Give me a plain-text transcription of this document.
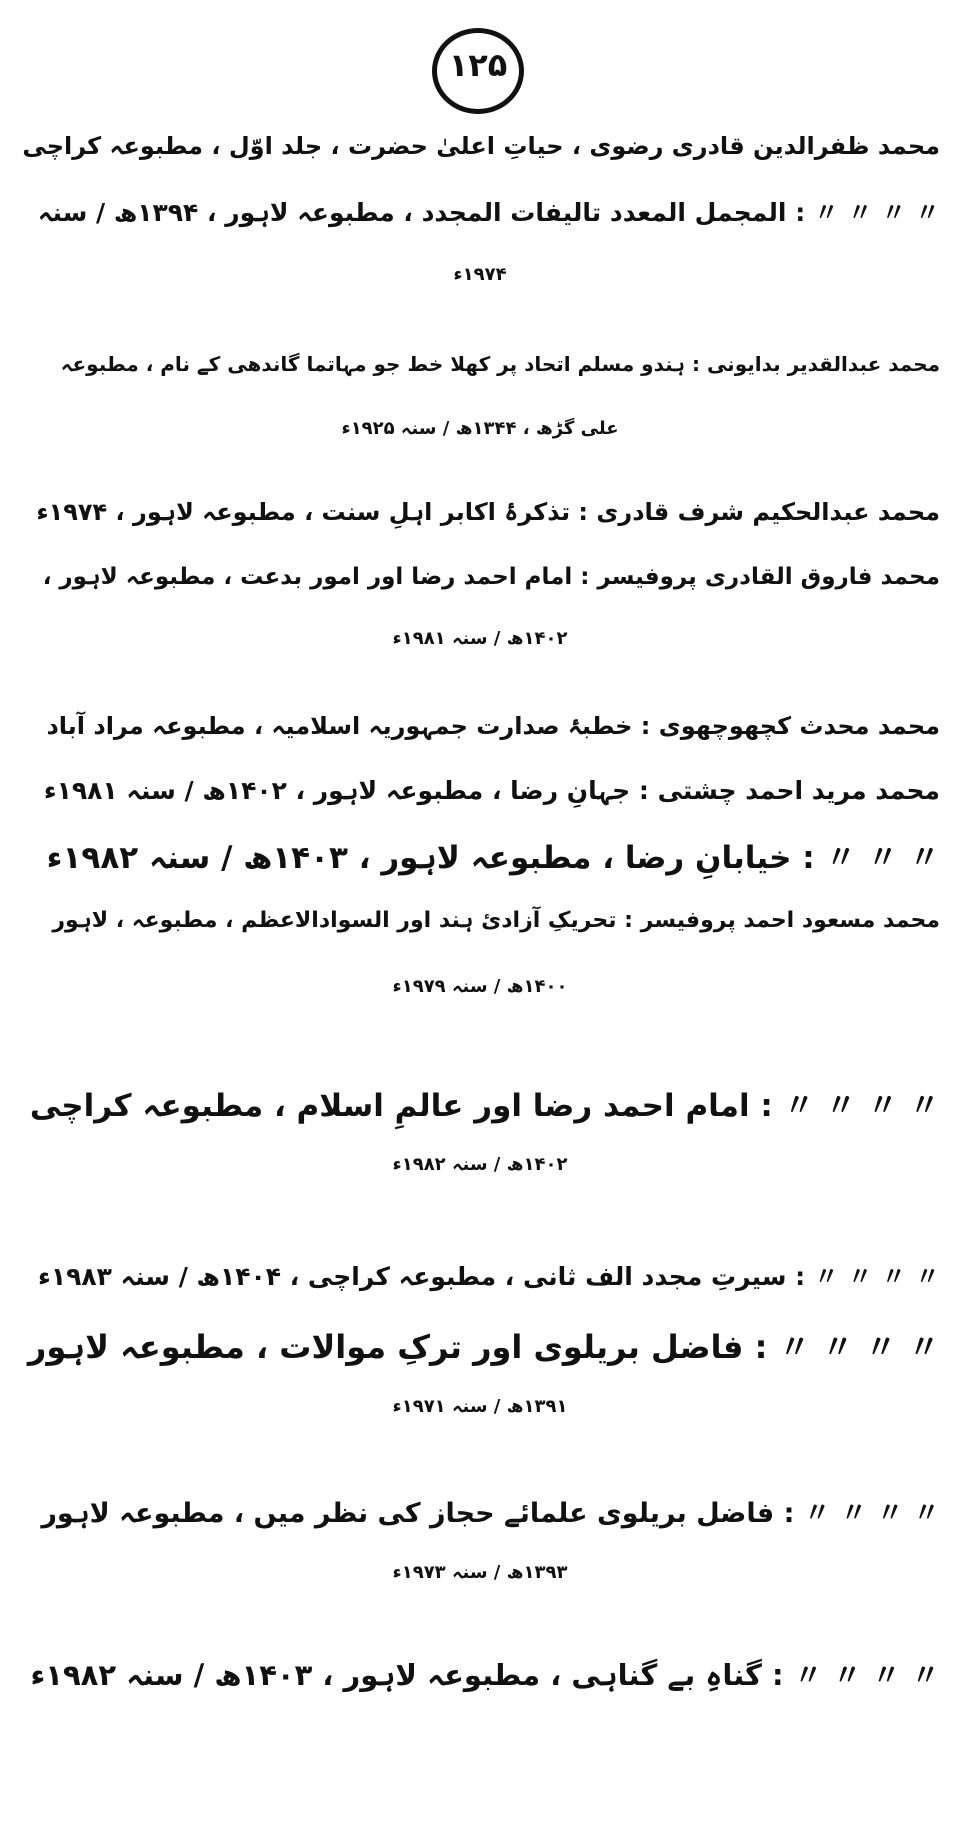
۱۲۵
محمد ظفرالدین قادری رضوی ، حیاتِ اعلیٰ حضرت ، جلد اوّل ، مطبوعہ کراچی
〃 〃 〃 〃 : المجمل المعدد تالیفات المجدد ، مطبوعہ لاہور ، ۱۳۹۴ھ / سنہ
۱۹۷۴ء
محمد عبدالقدیر بدایونی : ہندو مسلم اتحاد پر کھلا خط جو مہاتما گاندھی کے نام ، مطبوعہ
علی گڑھ ، ۱۳۴۴ھ / سنہ ۱۹۲۵ء
محمد عبدالحکیم شرف قادری : تذکرۂ اکابر اہلِ سنت ، مطبوعہ لاہور ، ۱۹۷۴ء
محمد فاروق القادری پروفیسر : امام احمد رضا اور امور بدعت ، مطبوعہ لاہور ،
۱۴۰۲ھ / سنہ ۱۹۸۱ء
محمد محدث کچھوچھوی : خطبۂ صدارت جمہوریہ اسلامیہ ، مطبوعہ مراد آباد
محمد مرید احمد چشتی : جہانِ رضا ، مطبوعہ لاہور ، ۱۴۰۲ھ / سنہ ۱۹۸۱ء
〃 〃 〃 : خیابانِ رضا ، مطبوعہ لاہور ، ۱۴۰۳ھ / سنہ ۱۹۸۲ء
محمد مسعود احمد پروفیسر : تحریکِ آزادیٔ ہند اور السوادالاعظم ، مطبوعہ ، لاہور
۱۴۰۰ھ / سنہ ۱۹۷۹ء
〃 〃 〃 〃 : امام احمد رضا اور عالمِ اسلام ، مطبوعہ کراچی
۱۴۰۲ھ / سنہ ۱۹۸۲ء
〃 〃 〃 〃 : سیرتِ مجدد الف ثانی ، مطبوعہ کراچی ، ۱۴۰۴ھ / سنہ ۱۹۸۳ء
〃 〃 〃 〃 : فاضل بریلوی اور ترکِ موالات ، مطبوعہ لاہور
۱۳۹۱ھ / سنہ ۱۹۷۱ء
〃 〃 〃 〃 : فاضل بریلوی علمائے حجاز کی نظر میں ، مطبوعہ لاہور
۱۳۹۳ھ / سنہ ۱۹۷۳ء
〃 〃 〃 〃 : گناہِ بے گناہی ، مطبوعہ لاہور ، ۱۴۰۳ھ / سنہ ۱۹۸۲ء
